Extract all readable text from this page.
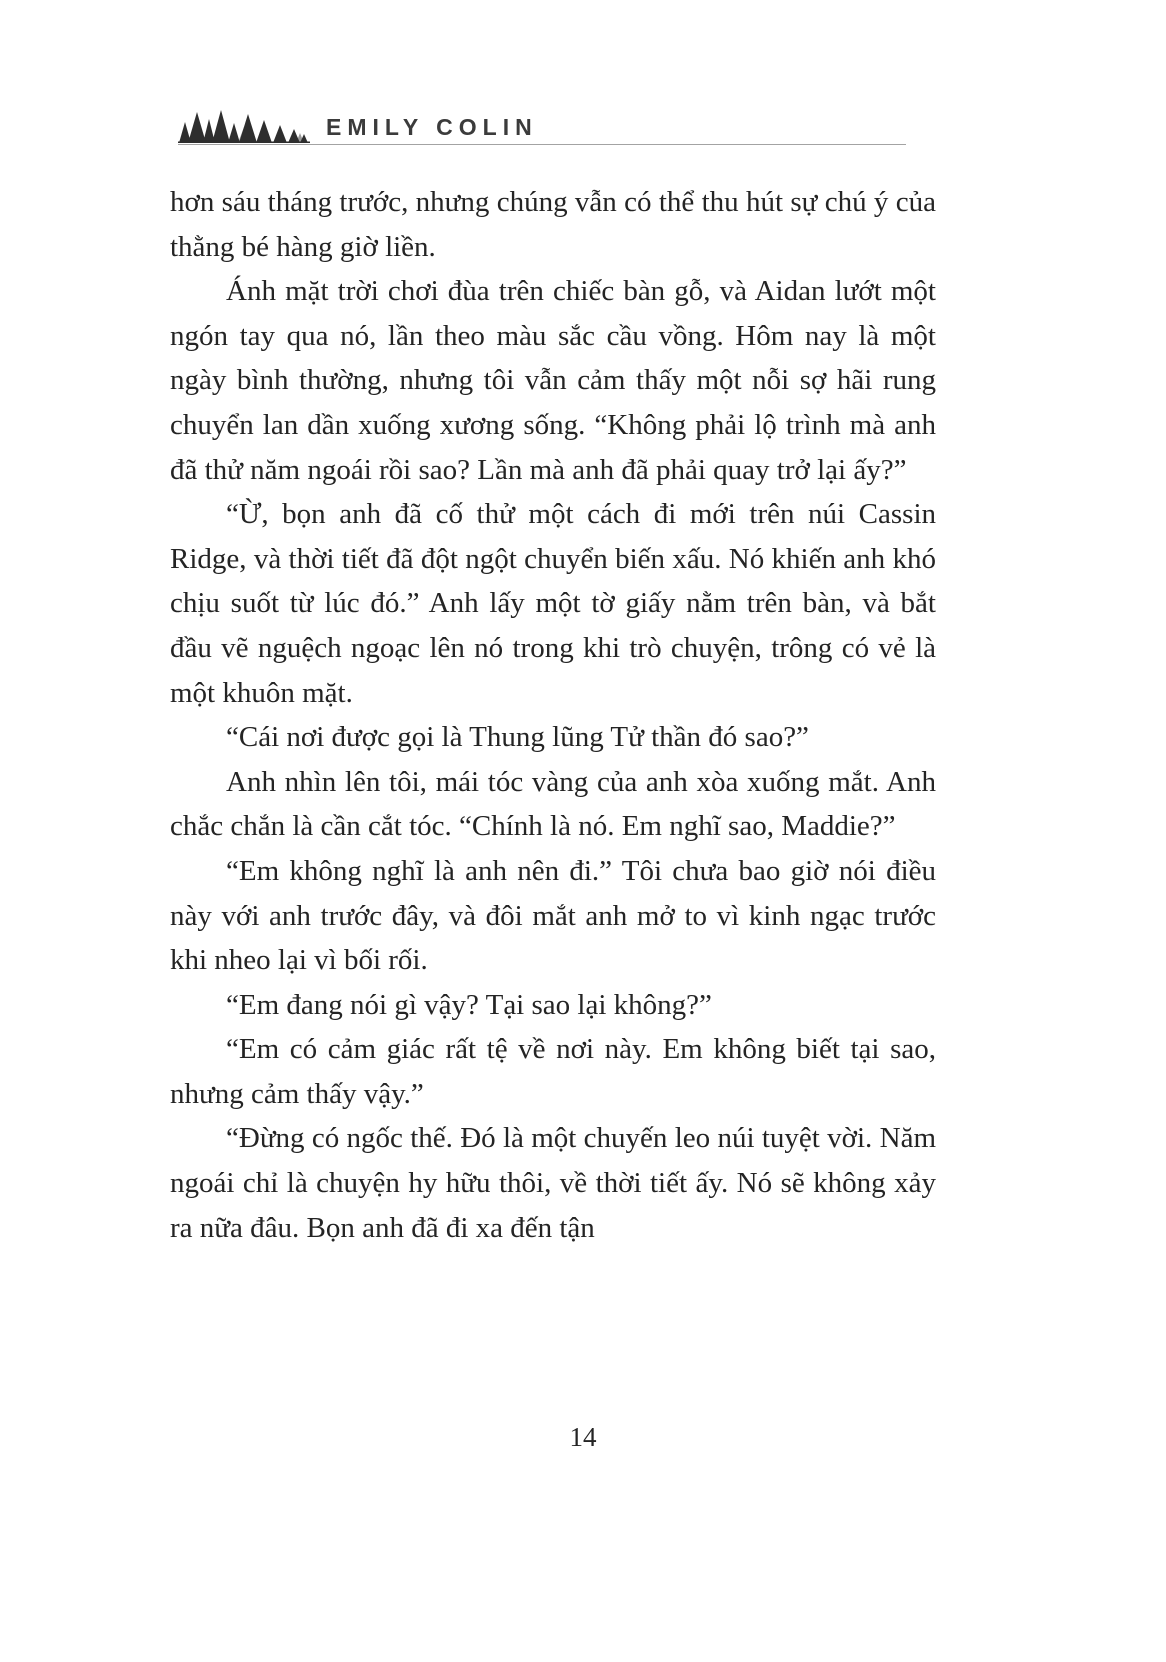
EMILY COLIN

hơn sáu tháng trước, nhưng chúng vẫn có thể thu hút sự chú ý của thằng bé hàng giờ liền.

Ánh mặt trời chơi đùa trên chiếc bàn gỗ, và Aidan lướt một ngón tay qua nó, lần theo màu sắc cầu vồng. Hôm nay là một ngày bình thường, nhưng tôi vẫn cảm thấy một nỗi sợ hãi rung chuyển lan dần xuống xương sống. “Không phải lộ trình mà anh đã thử năm ngoái rồi sao? Lần mà anh đã phải quay trở lại ấy?”

“Ừ, bọn anh đã cố thử một cách đi mới trên núi Cassin Ridge, và thời tiết đã đột ngột chuyển biến xấu. Nó khiến anh khó chịu suốt từ lúc đó.” Anh lấy một tờ giấy nằm trên bàn, và bắt đầu vẽ nguệch ngoạc lên nó trong khi trò chuyện, trông có vẻ là một khuôn mặt.

“Cái nơi được gọi là Thung lũng Tử thần đó sao?”

Anh nhìn lên tôi, mái tóc vàng của anh xòa xuống mắt. Anh chắc chắn là cần cắt tóc. “Chính là nó. Em nghĩ sao, Maddie?”

“Em không nghĩ là anh nên đi.” Tôi chưa bao giờ nói điều này với anh trước đây, và đôi mắt anh mở to vì kinh ngạc trước khi nheo lại vì bối rối.

“Em đang nói gì vậy? Tại sao lại không?”

“Em có cảm giác rất tệ về nơi này. Em không biết tại sao, nhưng cảm thấy vậy.”

“Đừng có ngốc thế. Đó là một chuyến leo núi tuyệt vời. Năm ngoái chỉ là chuyện hy hữu thôi, về thời tiết ấy. Nó sẽ không xảy ra nữa đâu. Bọn anh đã đi xa đến tận

14
